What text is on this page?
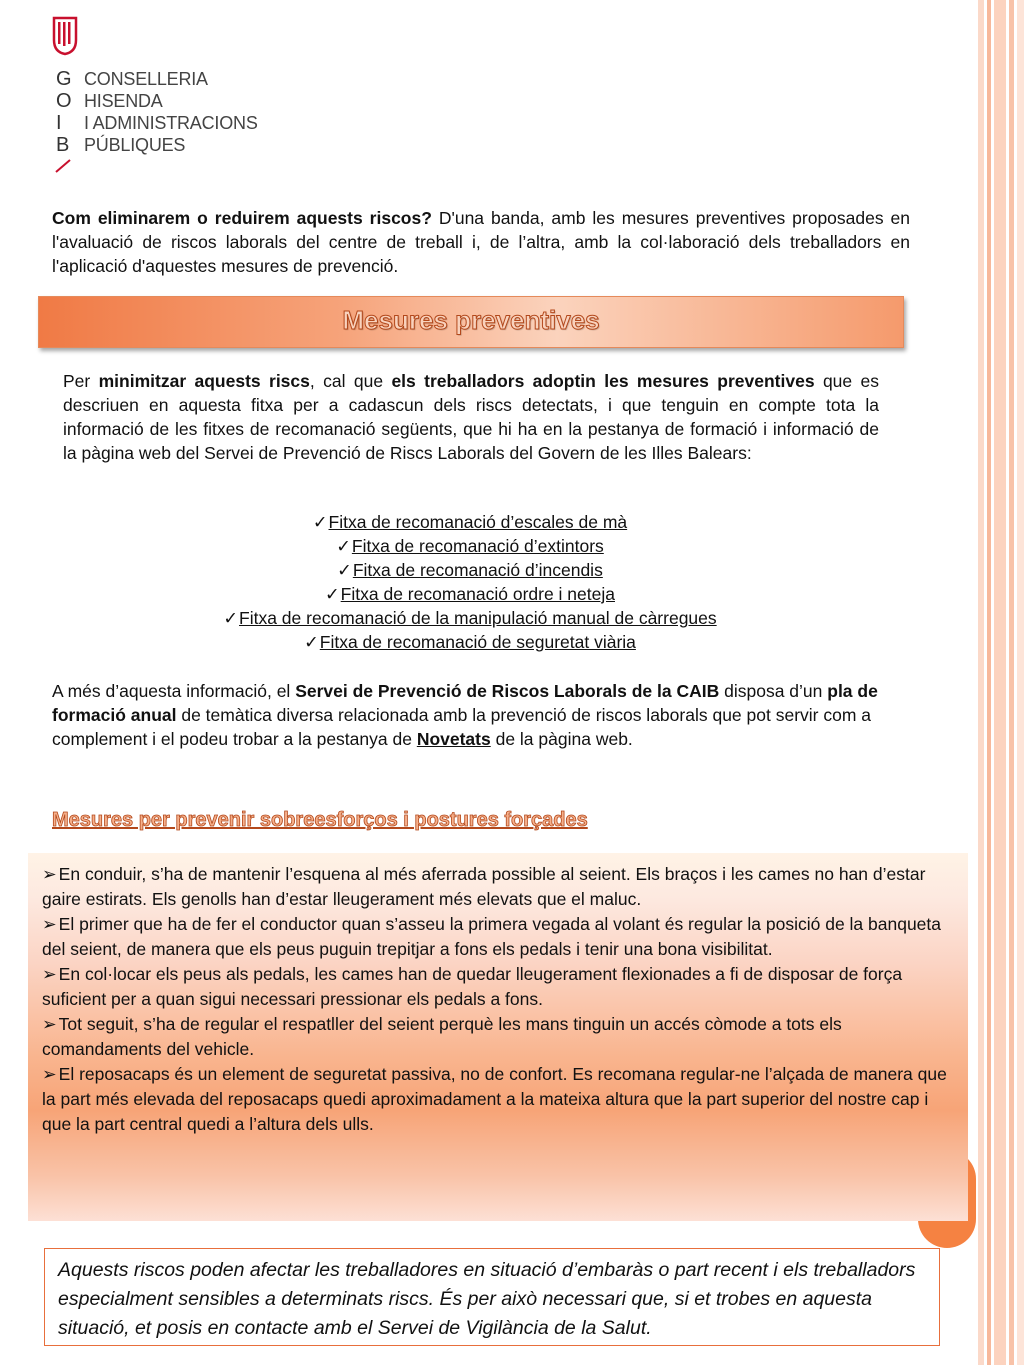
G
O
I
B
CONSELLERIA
HISENDA
I ADMINISTRACIONS
PÚBLIQUES
Com eliminarem o reduirem aquests riscos? D'una banda, amb les mesures preventives proposades en l'avaluació de riscos laborals del centre de treball i, de l’altra, amb la col·laboració dels treballadors en l'aplicació d'aquestes mesures de prevenció.
Mesures preventives
Per minimitzar aquests riscs, cal que els treballadors adoptin les mesures preventives que es descriuen en aquesta fitxa per a cadascun dels riscs detectats, i que tenguin en compte tota la informació de les fitxes de recomanació següents, que hi ha en la pestanya de formació i informació de la pàgina web del Servei de Prevenció de Riscs Laborals del Govern de les Illes Balears:
✓Fitxa de recomanació d’escales de mà
✓Fitxa de recomanació d’extintors
✓Fitxa de recomanació d’incendis
✓Fitxa de recomanació ordre i neteja
✓Fitxa de recomanació de la manipulació manual de càrregues
✓Fitxa de recomanació de seguretat viària
A més d’aquesta informació, el Servei de Prevenció de Riscos Laborals de la CAIB disposa d’un pla de formació anual de temàtica diversa relacionada amb la prevenció de riscos laborals que pot servir com a complement i el podeu trobar a la pestanya de Novetats de la pàgina web.
Mesures per prevenir sobreesforços i postures forçades
➢ En conduir, s’ha de mantenir l’esquena al més aferrada possible al seient. Els braços i les cames no han d’estar gaire estirats. Els genolls han d’estar lleugerament més elevats que el maluc.
➢ El primer que ha de fer el conductor quan s’asseu la primera vegada al volant és regular la posició de la banqueta del seient, de manera que els peus puguin trepitjar a fons els pedals i tenir una bona visibilitat.
➢ En col·locar els peus als pedals, les cames han de quedar lleugerament flexionades a fi de disposar de força suficient per a quan sigui necessari pressionar els pedals a fons.
➢ Tot seguit, s’ha de regular el respatller del seient perquè les mans tinguin un accés còmode a tots els comandaments del vehicle.
➢ El reposacaps és un element de seguretat passiva, no de confort. Es recomana regular-ne l’alçada de manera que la part més elevada del reposacaps quedi aproximadament a la mateixa altura que la part superior del nostre cap i que la part central quedi a l’altura dels ulls.
Aquests riscos poden afectar les treballadores en situació d’embaràs o part recent i els treballadors especialment sensibles a determinats riscs. És per això necessari que, si et trobes en aquesta situació, et posis en contacte amb el Servei de Vigilància de la Salut.
